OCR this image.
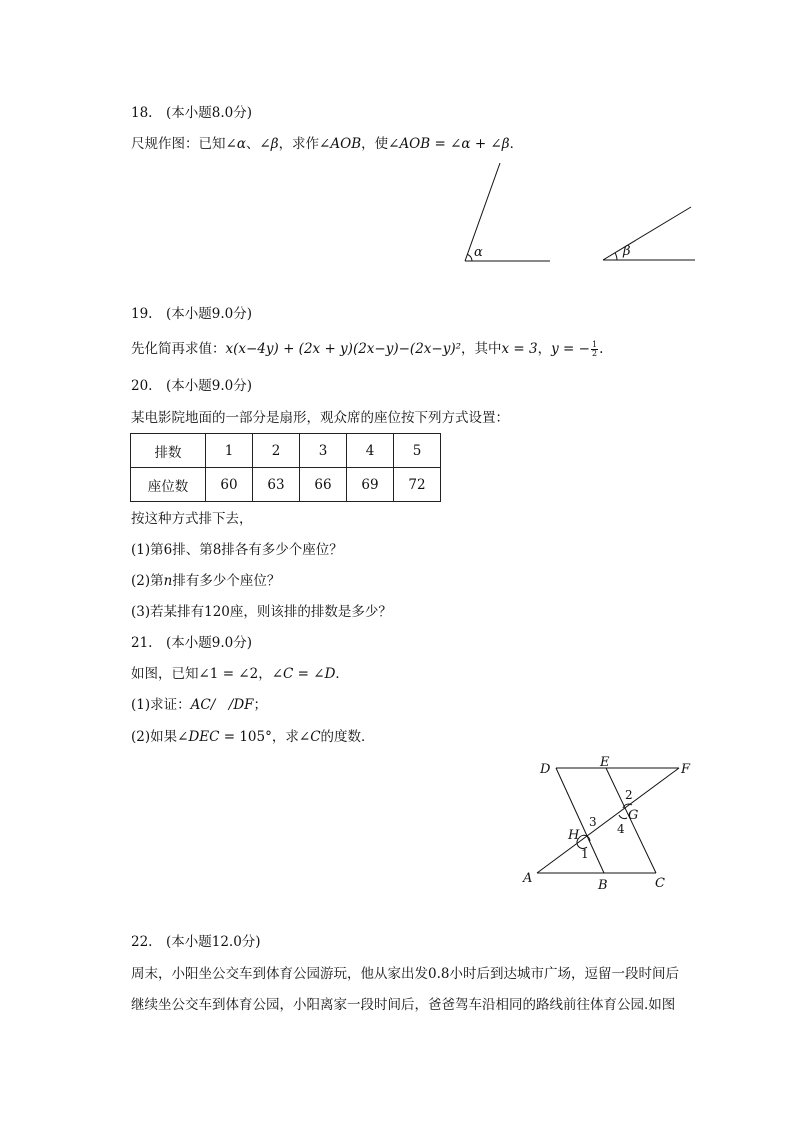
18.　(本小题8.0分)
尺规作图：已知∠α、∠β，求作∠AOB，使∠AOB = ∠α + ∠β．
α	β
19.　(本小题9.0分)
先化简再求值：x(x−4y) + (2x + y)(2x−y)−(2x−y)²，其中x = 3，y = − $\frac{1}{2}$ .
20.　(本小题9.0分)
某电影院地面的一部分是扇形，观众席的座位按下列方式设置：
排数	1	2	3	4	5
座位数	60	63	66	69	72
按这种方式排下去，
(1)第6排、第8排各有多少个座位？
(2)第n排有多少个座位？
(3)若某排有120座，则该排的排数是多少？
21.　(本小题9.0分)
如图，已知∠1 = ∠2，∠C = ∠D．
(1)求证：AC/　/DF；
(2)如果∠DEC = 105°，求∠C的度数．
D	E	F
A	B	C
G
H
1
2
3 4
22.　(本小题12.0分)
周末，小阳坐公交车到体育公园游玩，他从家出发0.8小时后到达城市广场，逗留一段时间后
继续坐公交车到体育公园，小阳离家一段时间后，爸爸驾车沿相同的路线前往体育公园.如图
